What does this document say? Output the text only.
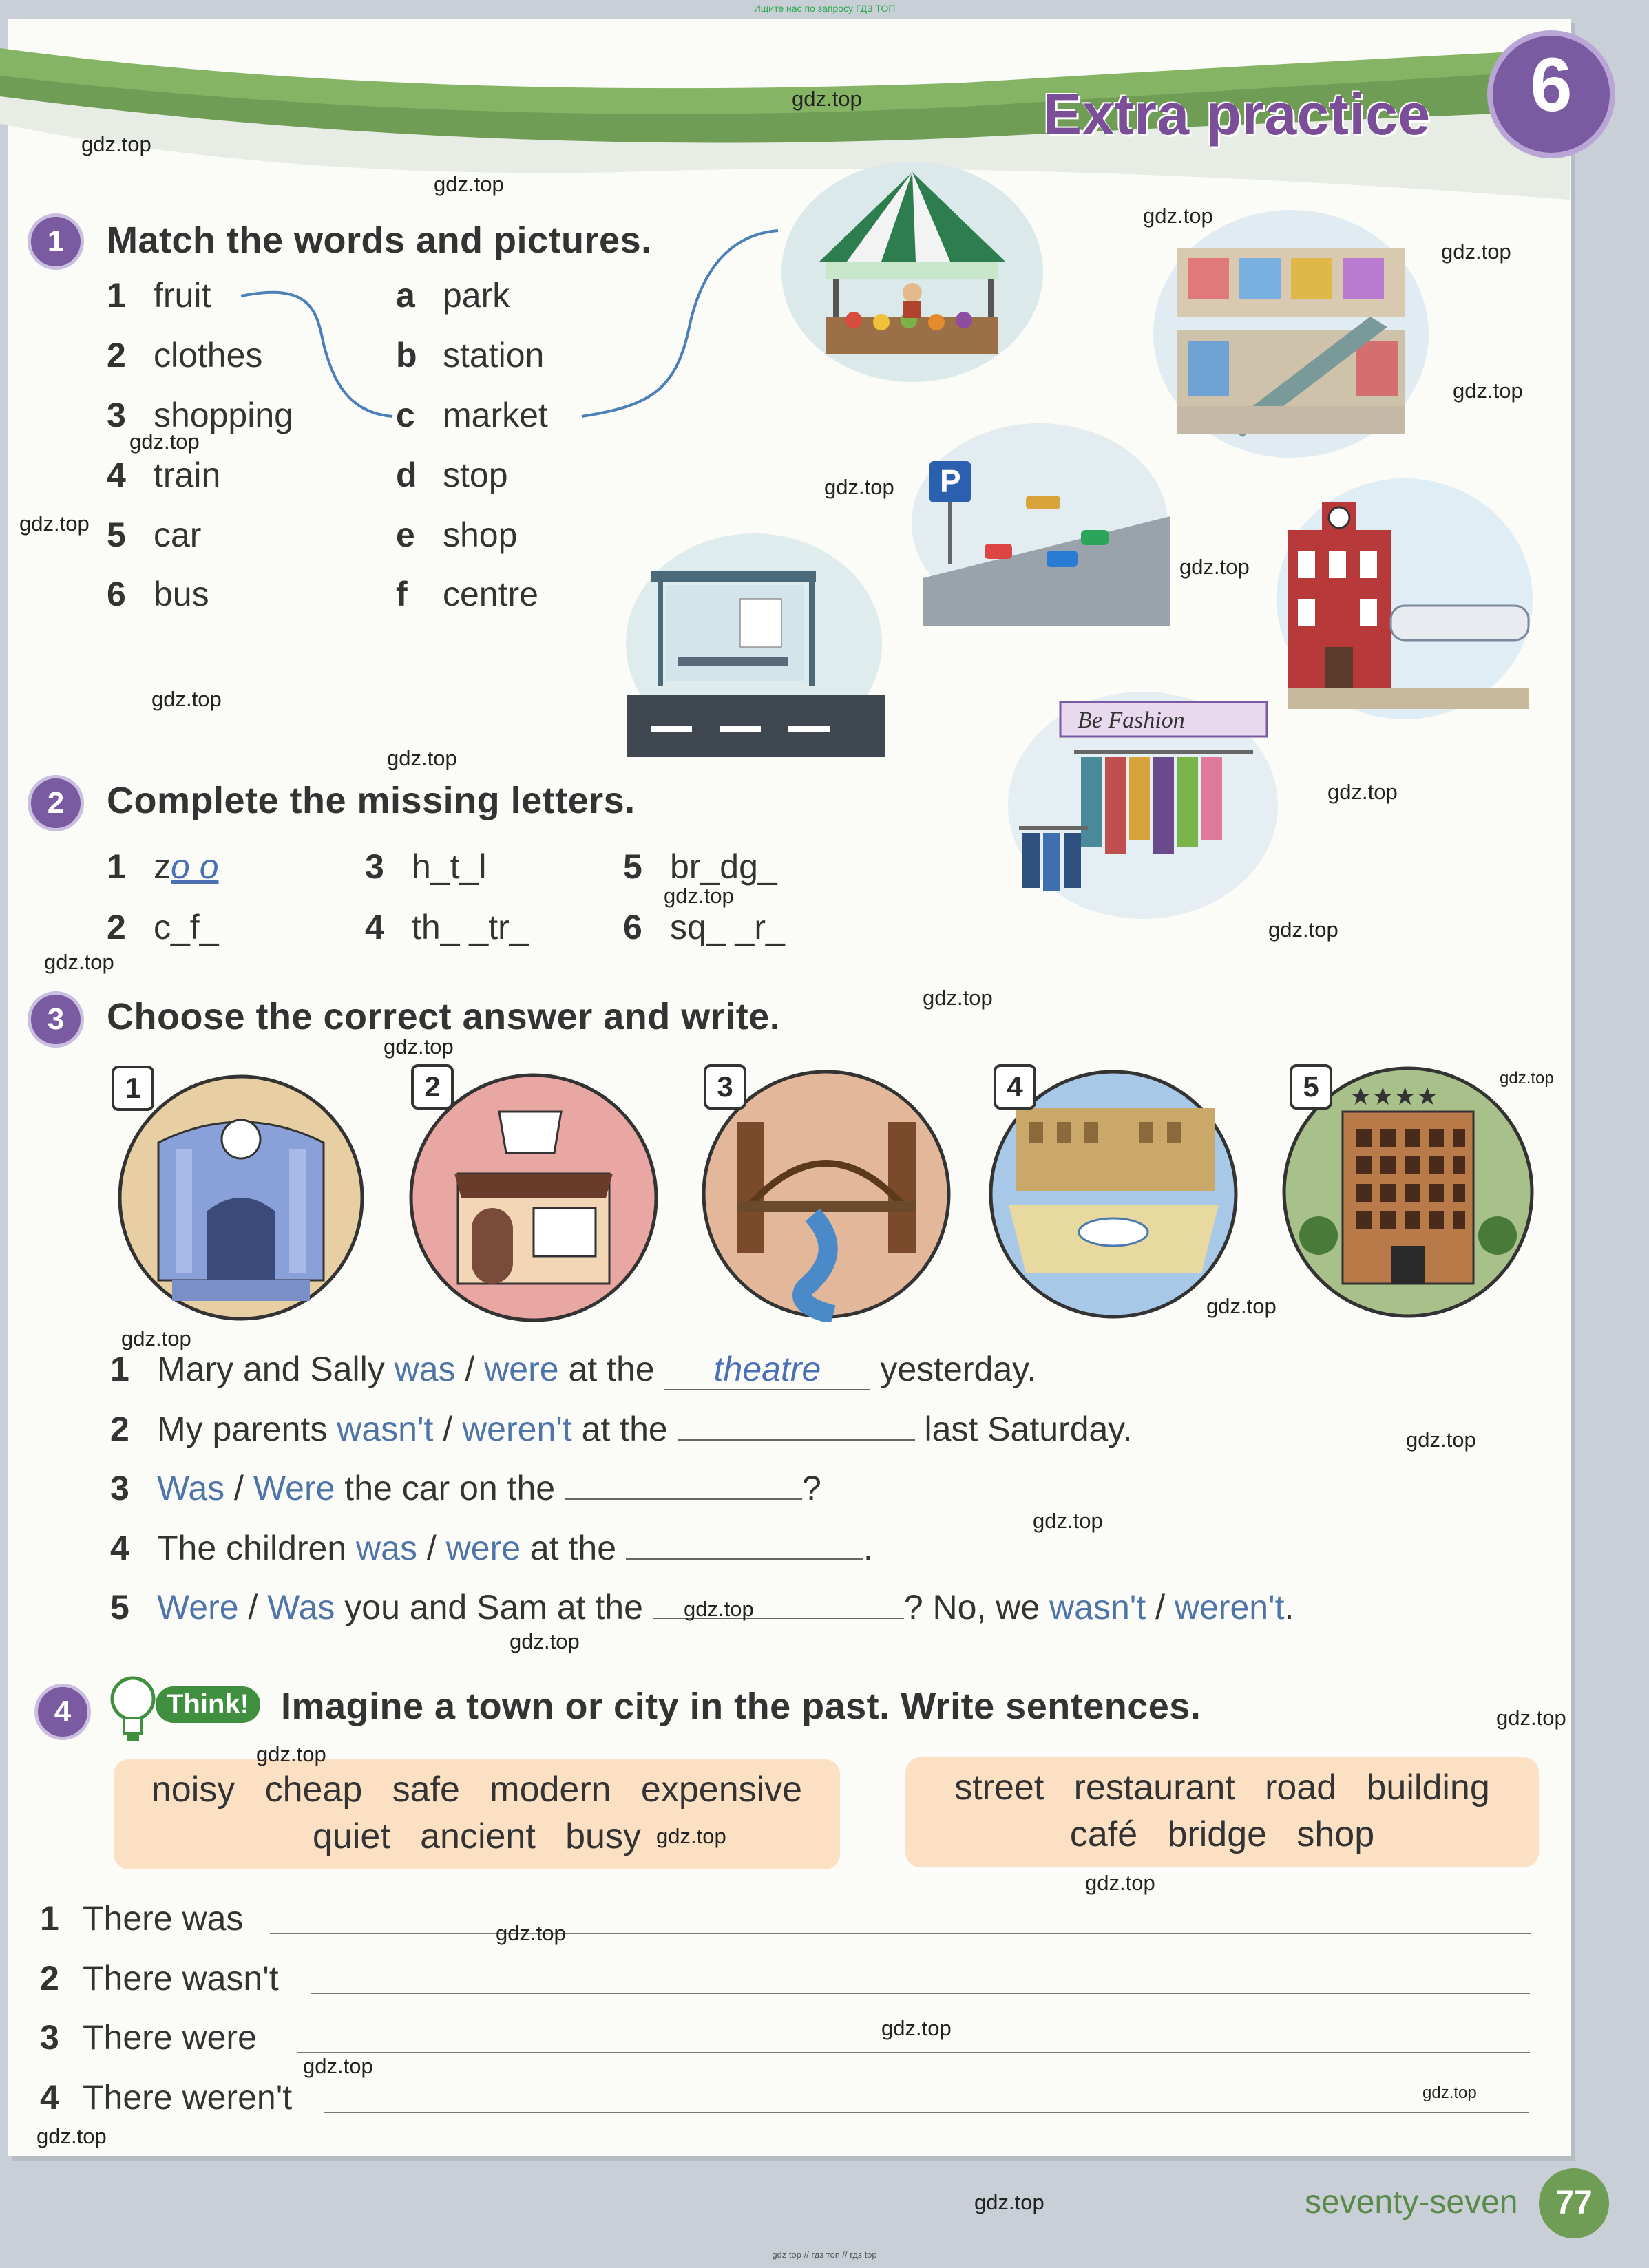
Ищите нас по запросу ГДЗ ТОП
Extra practice	6
1	Match the words and pictures.
1 fruit
2 clothes
3 shopping
4 train
5 car
6 bus
a park
b station
c market
d stop
e shop
f centre
P
Be Fashion
2	Complete the missing letters.
1 zo o
2 c_f_
3 h_t_l
4 th_ _tr_
5 br_dg_
6 sq_ _r_
3	Choose the correct answer and write.
★★★★
1	2	3	4	5
1 Mary and Sally was / were at the theatre yesterday.
2 My parents wasn't / weren't at the	last Saturday.
3 Was / Were the car on the	?
4 The children was / were at the	.
5 Were / Was you and Sam at the	? No, we wasn't / weren't.
4	Think! Imagine a town or city in the past. Write sentences.
noisy   cheap   safe   modern   expensive
quiet   ancient   busy
street   restaurant   road   building
café   bridge   shop
1 There was
2 There wasn't
3 There were
4 There weren't
seventy-seven	77
gdz top // гдз топ // гдз top
gdz.top
gdz.top
gdz.top
gdz.top
gdz.top
gdz.top
gdz.top
gdz.top
gdz.top
gdz.top
gdz.top
gdz.top
gdz.top
gdz.top
gdz.top
gdz.top
gdz.top
gdz.top
gdz.top
gdz.top
gdz.top
gdz.top
gdz.top
gdz.top
gdz.top
gdz.top
gdz.top
gdz.top
gdz.top
gdz.top
gdz.top
gdz.top
gdz.top
gdz.top
gdz.top
